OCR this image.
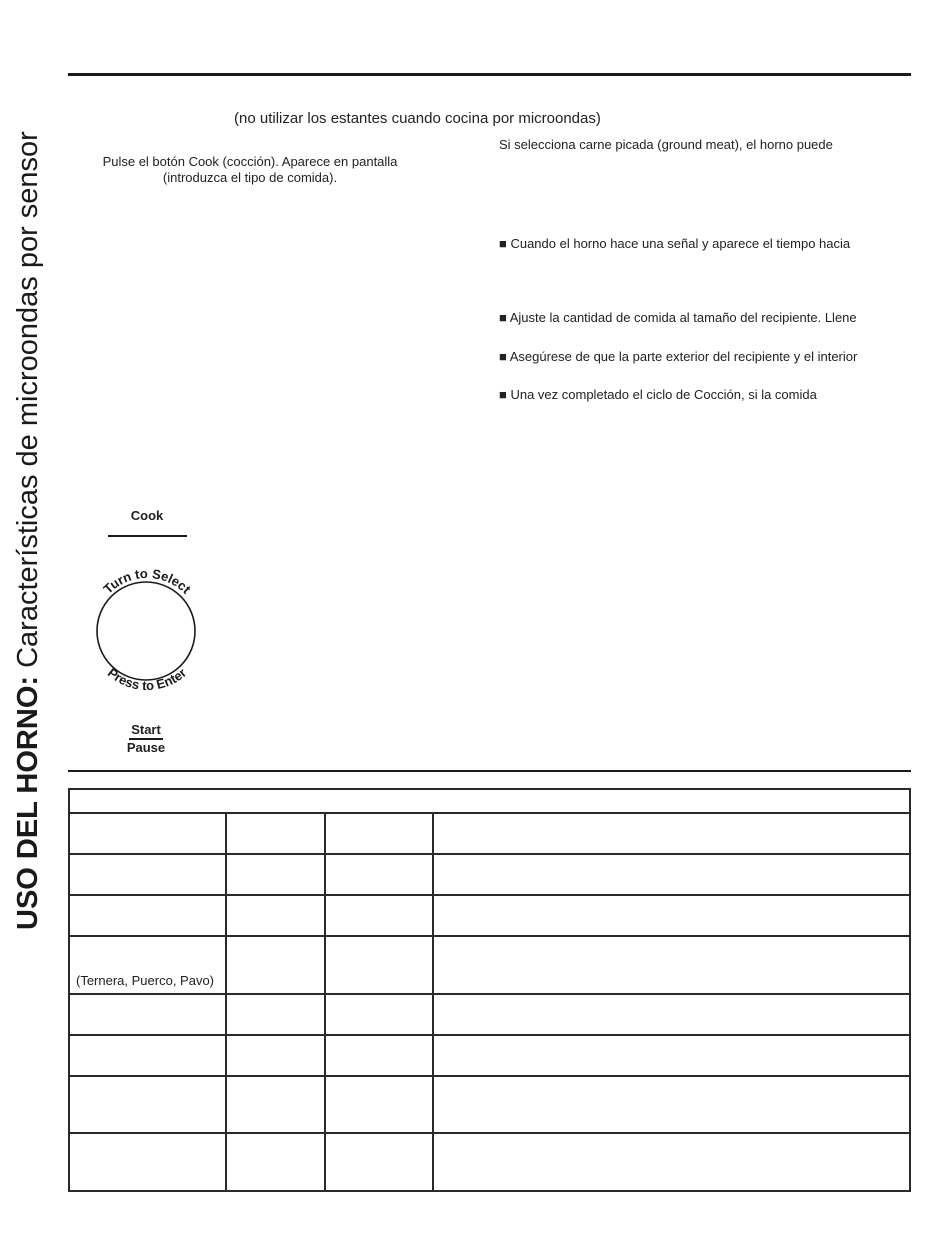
USO DEL HORNO: Características de microondas por sensor
(no utilizar los estantes cuando cocina por microondas)
Pulse el botón Cook (cocción). Aparece en pantalla (introduzca el tipo de comida).
Si selecciona carne picada (ground meat), el horno puede
■ Cuando el horno hace una señal y aparece el tiempo hacia
■ Ajuste la cantidad de comida al tamaño del recipiente. Llene
■ Asegúrese de que la parte exterior del recipiente y el interior
■ Una vez completado el ciclo de Cocción, si la comida
Cook
Turn to Select
Press to Enter
Start
Pause

(Ternera, Puerco, Pavo)			
